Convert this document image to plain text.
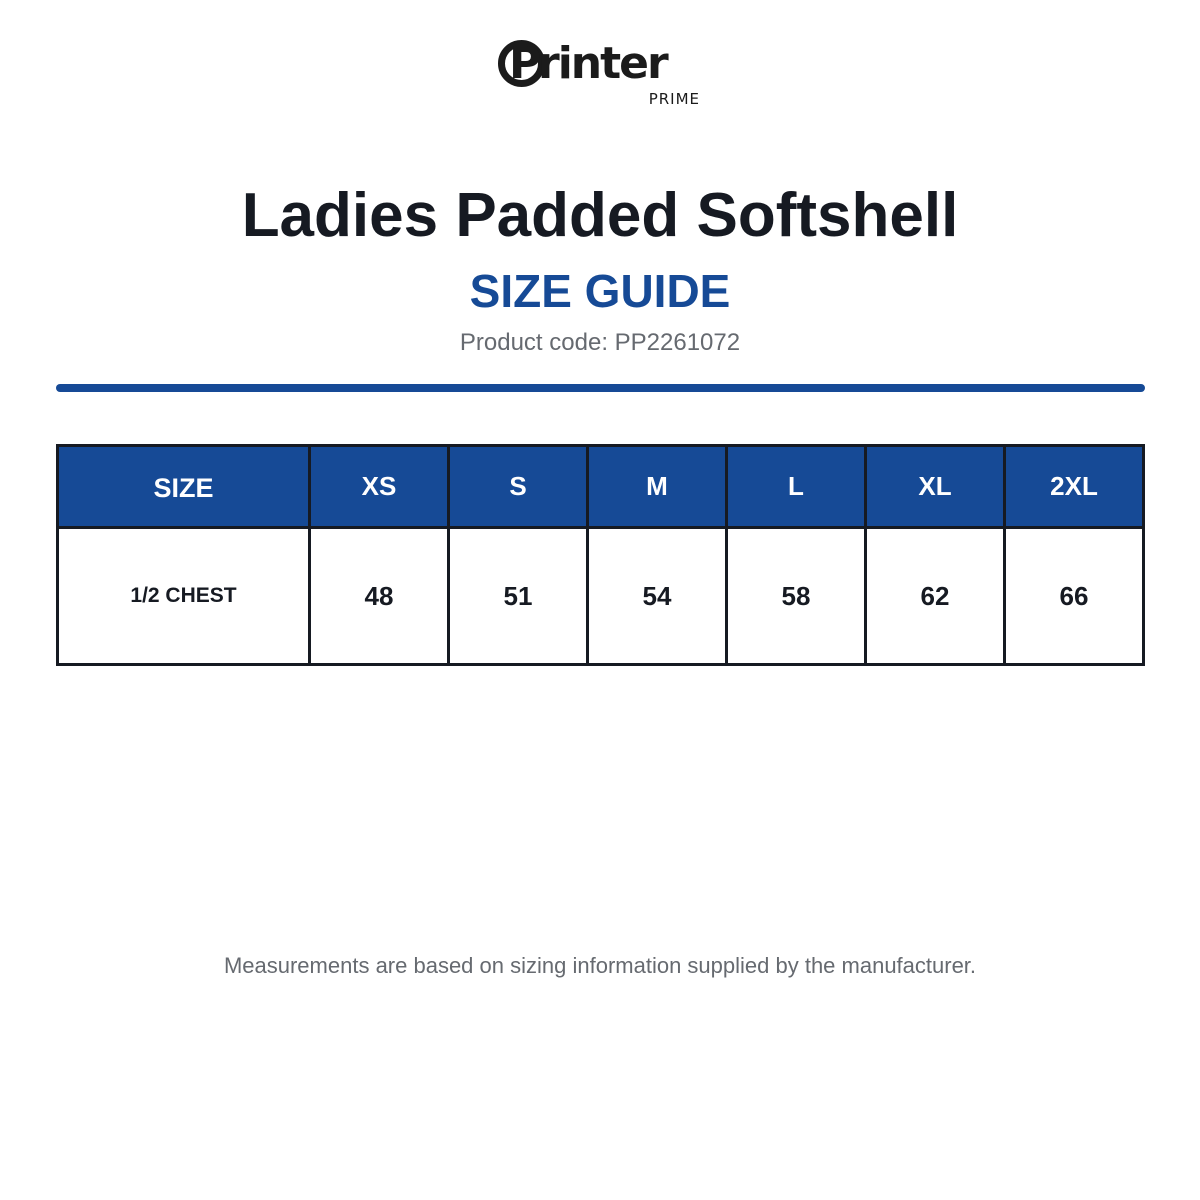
P
rinter
PRIME
Ladies Padded Softshell
SIZE GUIDE
Product code: PP2261072
SIZE	XS	S	M	L	XL	2XL
1/2 CHEST	48	51	54	58	62	66
Measurements are based on sizing information supplied by the manufacturer.
